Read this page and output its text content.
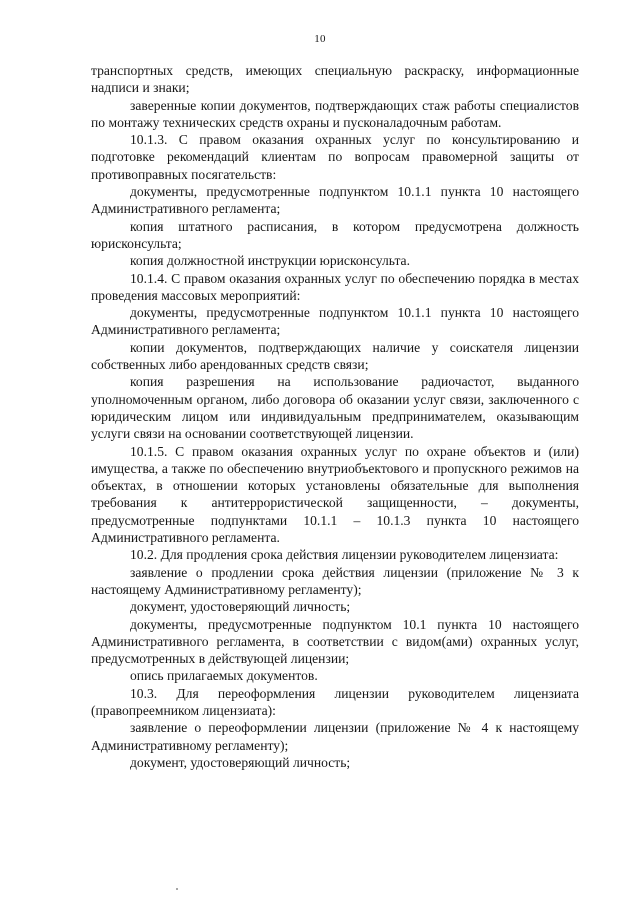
10

транспортных средств, имеющих специальную раскраску, информационные надписи и знаки;

заверенные копии документов, подтверждающих стаж работы специалистов по монтажу технических средств охраны и пусконаладочным работам.

10.1.3. С правом оказания охранных услуг по консультированию и подготовке рекомендаций клиентам по вопросам правомерной защиты от противоправных посягательств:

документы, предусмотренные подпунктом 10.1.1 пункта 10 настоящего Административного регламента;

копия штатного расписания, в котором предусмотрена должность юрисконсульта;

копия должностной инструкции юрисконсульта.

10.1.4. С правом оказания охранных услуг по обеспечению порядка в местах проведения массовых мероприятий:

документы, предусмотренные подпунктом 10.1.1 пункта 10 настоящего Административного регламента;

копии документов, подтверждающих наличие у соискателя лицензии собственных либо арендованных средств связи;

копия разрешения на использование радиочастот, выданного уполномоченным органом, либо договора об оказании услуг связи, заключенного с юридическим лицом или индивидуальным предпринимателем, оказывающим услуги связи на основании соответствующей лицензии.

10.1.5. С правом оказания охранных услуг по охране объектов и (или) имущества, а также по обеспечению внутриобъектового и пропускного режимов на объектах, в отношении которых установлены обязательные для выполнения требования к антитеррористической защищенности, – документы, предусмотренные подпунктами 10.1.1 – 10.1.3 пункта 10 настоящего Административного регламента.

10.2. Для продления срока действия лицензии руководителем лицензиата:

заявление о продлении срока действия лицензии (приложение № 3 к настоящему Административному регламенту);

документ, удостоверяющий личность;

документы, предусмотренные подпунктом 10.1 пункта 10 настоящего Административного регламента, в соответствии с видом(ами) охранных услуг, предусмотренных в действующей лицензии;

опись прилагаемых документов.

10.3. Для переоформления лицензии руководителем лицензиата (правопреемником лицензиата):

заявление о переоформлении лицензии (приложение № 4 к настоящему Административному регламенту);

документ, удостоверяющий личность;
